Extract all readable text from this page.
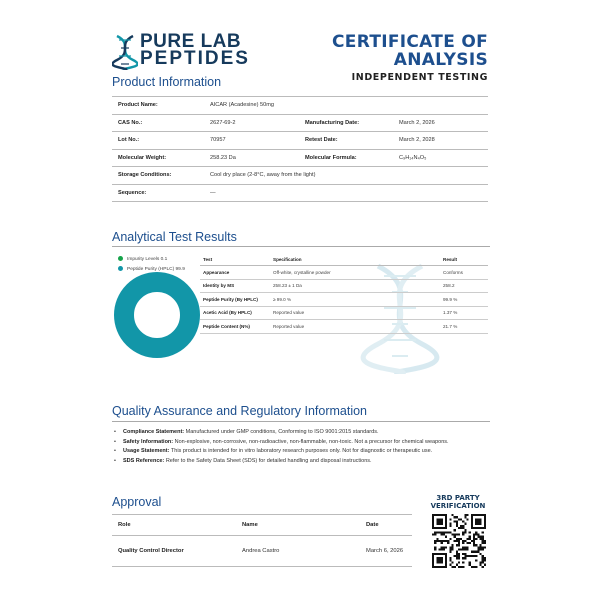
PURE LAB
PEPTIDES
CERTIFICATE OF
ANALYSIS
INDEPENDENT TESTING
Product Information
Product Name:	AICAR (Acadesine) 50mg		
CAS No.:	2627-69-2	Manufacturing Date:	March 2, 2026
Lot No.:	70957	Retest Date:	March 2, 2028
Molecular Weight:	258.23 Da	Molecular Formula:	C₉H₁₄N₄O₅
Storage Conditions:	Cool dry place (2-8°C, away from the light)		
Sequence:	—		
Analytical Test Results
Impurity Levels 0.1
Peptide Purity (HPLC) 99.9
Test	Specification	Result
Appearance	Off-white, crystalline powder	Conforms
Identity by MS	258.23 ± 1 Da	258.2
Peptide Purity (By HPLC)	≥ 99.0 %	99.9 %
Acetic Acid (By HPLC)	Reported value	1.37 %
Peptide Content (N%)	Reported value	21.7 %
Quality Assurance and Regulatory Information
• Compliance Statement: Manufactured under GMP conditions, Conforming to ISO 9001:2015 standards.
• Safety Information: Non-explosive, non-corrosive, non-radioactive, non-flammable, non-toxic. Not a precursor for chemical weapons.
• Usage Statement: This product is intended for in vitro laboratory research purposes only. Not for diagnostic or therapeutic use.
• SDS Reference: Refer to the Safety Data Sheet (SDS) for detailed handling and disposal instructions.
Approval
Role	Name	Date
Quality Control Director	Andrea Castro	March 6, 2026
3RD PARTY
VERIFICATION
